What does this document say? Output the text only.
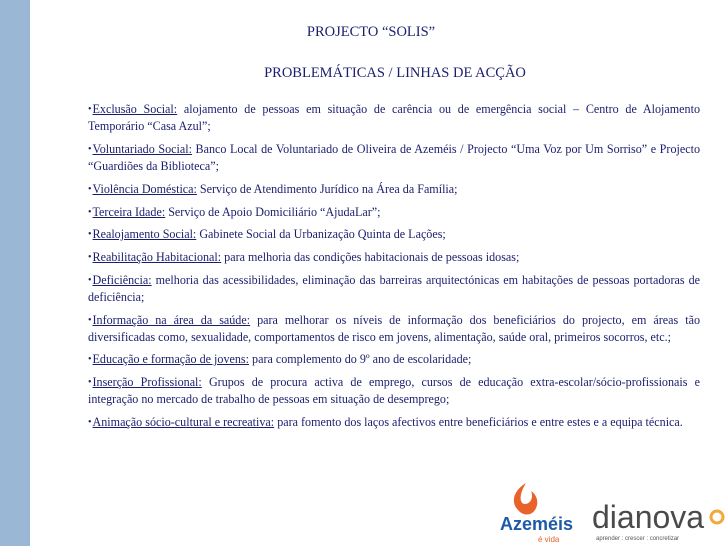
PROJECTO “SOLIS”
PROBLEMÁTICAS / LINHAS DE ACÇÃO
•Exclusão Social: alojamento de pessoas em situação de carência ou de emergência social – Centro de Alojamento Temporário “Casa Azul”;
•Voluntariado Social: Banco Local de Voluntariado de Oliveira de Azeméis / Projecto “Uma Voz por Um Sorriso” e Projecto “Guardiões da Biblioteca”;
•Violência Doméstica: Serviço de Atendimento Jurídico na Área da Família;
•Terceira Idade: Serviço de Apoio Domiciliário “AjudaLar”;
•Realojamento Social: Gabinete Social da Urbanização Quinta de Lações;
•Reabilitação Habitacional: para melhoria das condições habitacionais de pessoas idosas;
•Deficiência: melhoria das acessibilidades, eliminação das barreiras arquitectónicas em habitações de pessoas portadoras de deficiência;
•Informação na área da saúde: para melhorar os níveis de informação dos beneficiários do projecto, em áreas tão diversificadas como, sexualidade, comportamentos de risco em jovens, alimentação, saúde oral, primeiros socorros, etc.;
•Educação e formação de jovens: para complemento do 9º ano de escolaridade;
•Inserção Profissional: Grupos de procura activa de emprego, cursos de educação extra-escolar/sócio-profissionais e integração no mercado de trabalho de pessoas em situação de desemprego;
•Animação sócio-cultural e recreativa: para fomento dos laços afectivos entre beneficiários e entre estes e a equipa técnica.
Azeméis
é vida
dianova
aprender : crescer : concretizar
